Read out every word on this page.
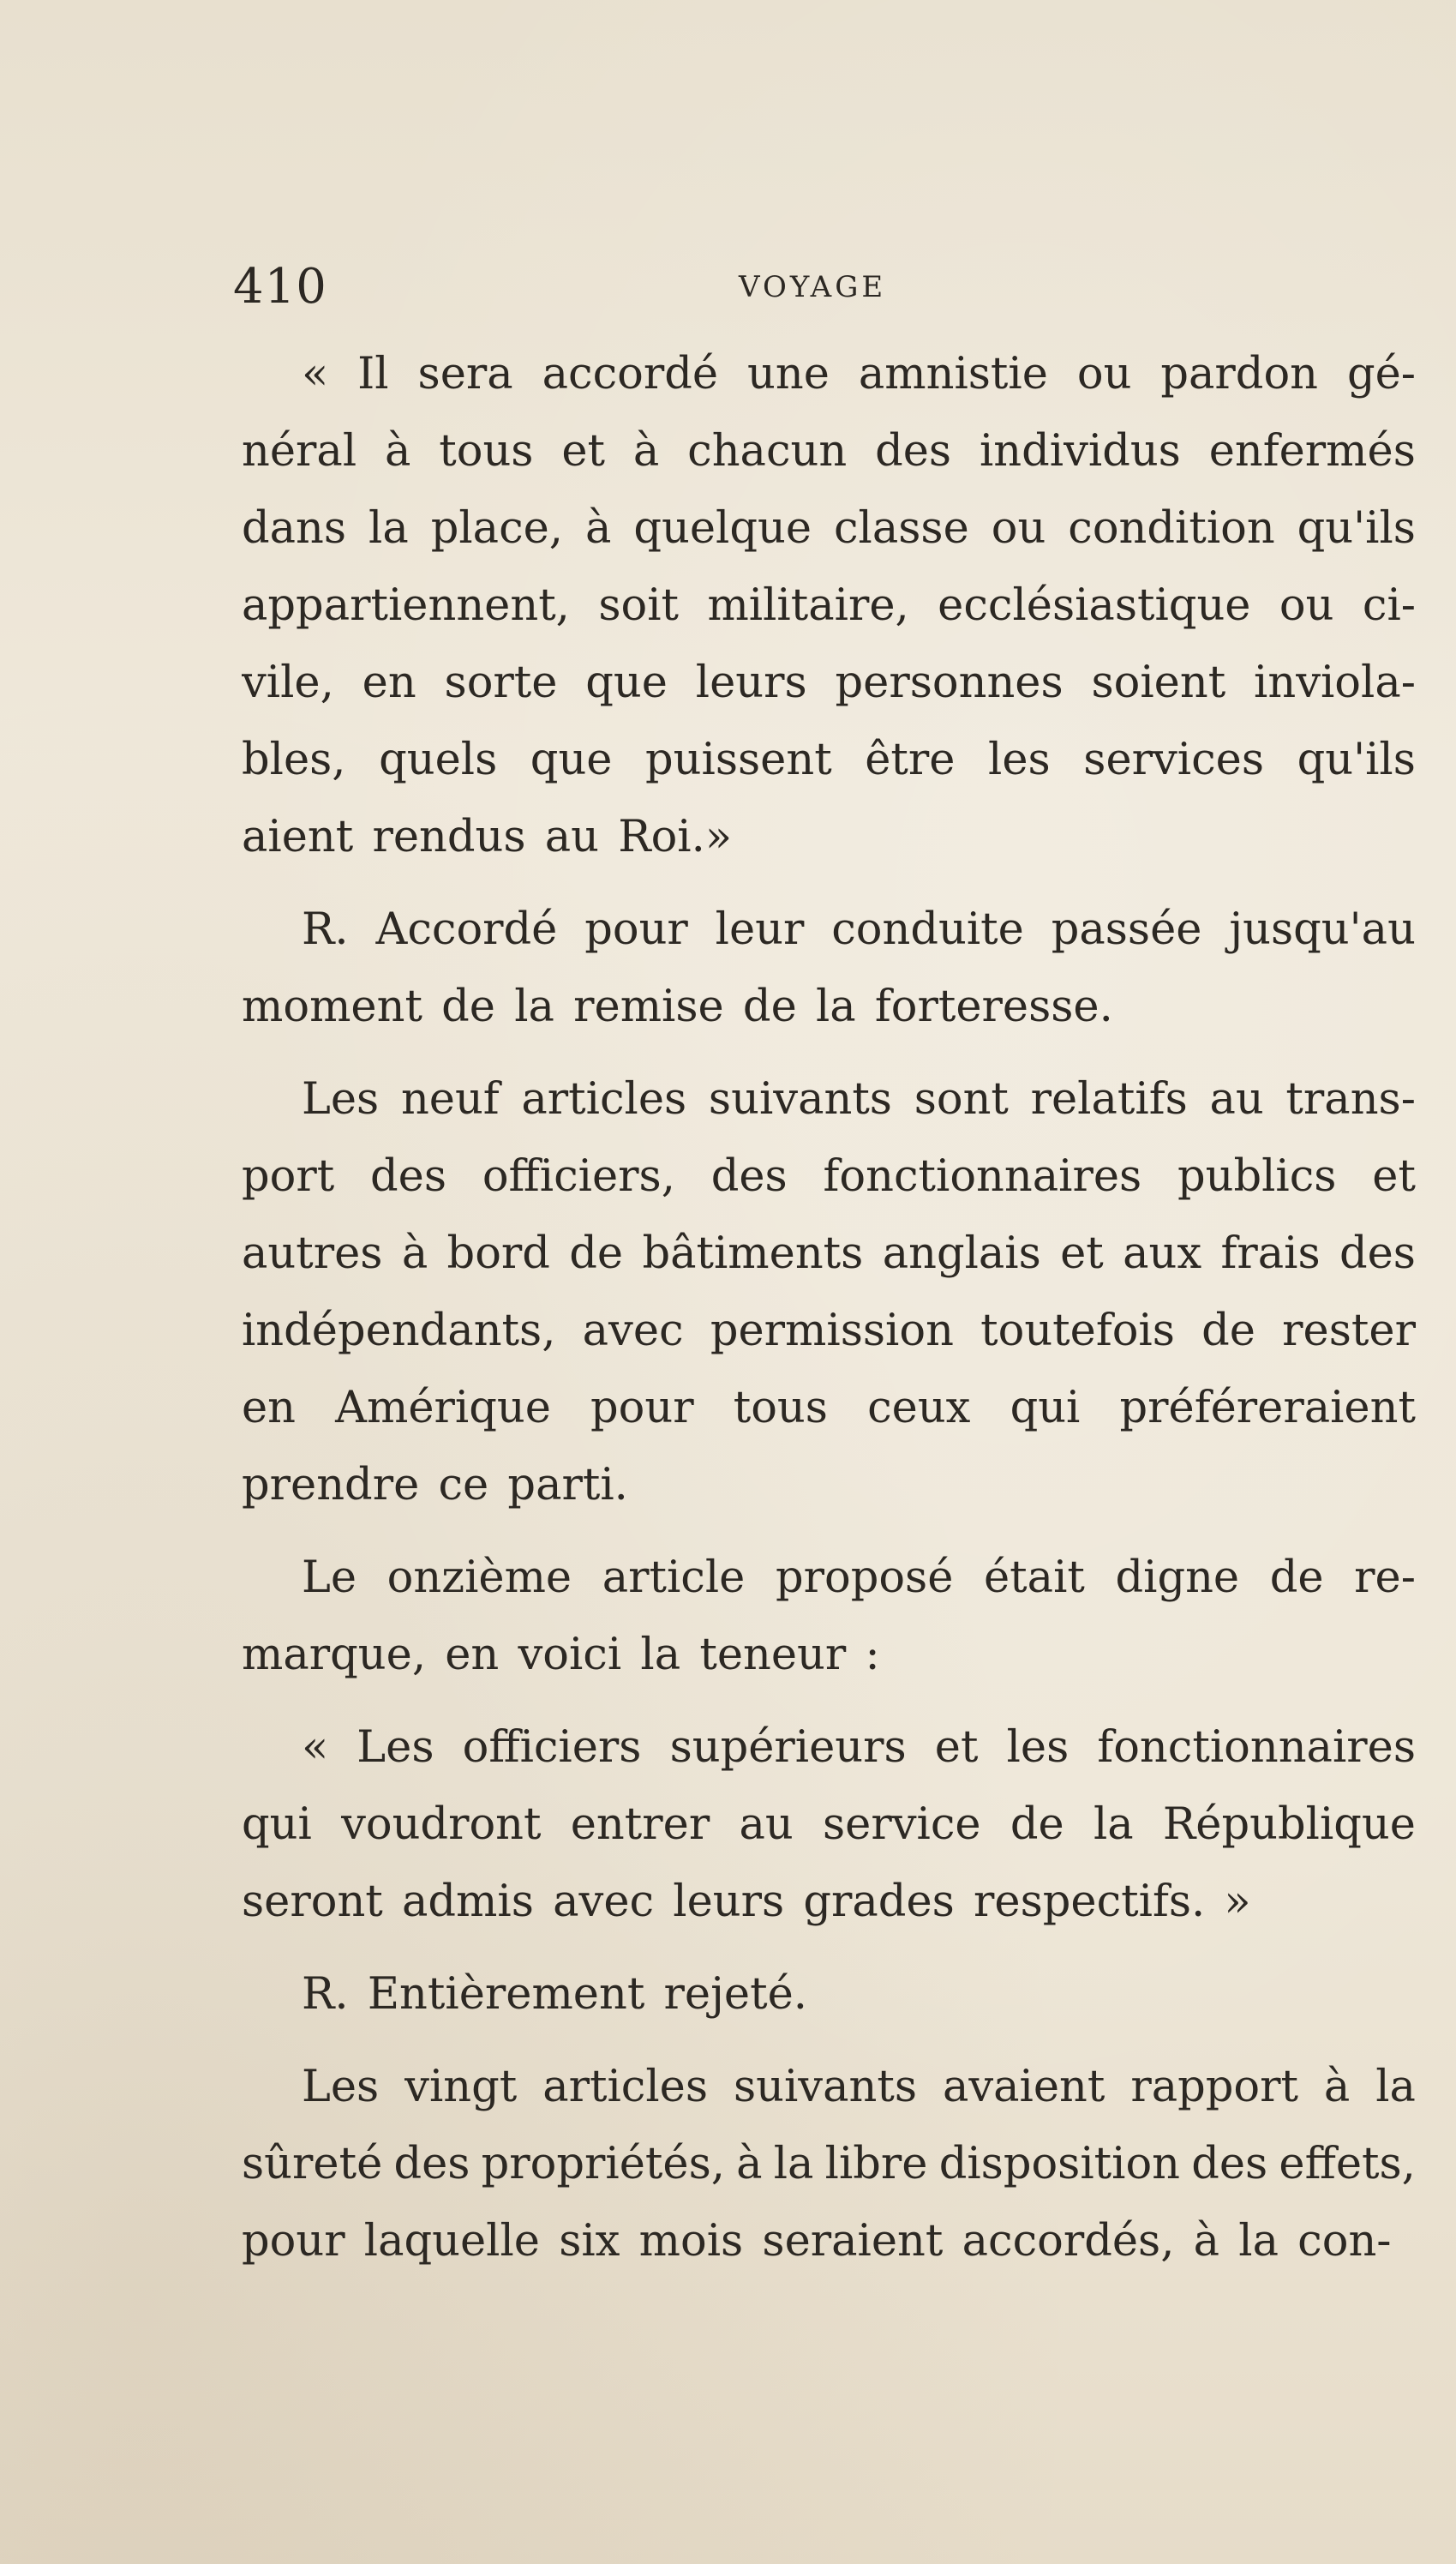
410	VOYAGE
« Il sera accordé une amnistie ou pardon gé-
néral à tous et à chacun des individus enfermés
dans la place, à quelque classe ou condition qu'ils
appartiennent, soit militaire, ecclésiastique ou ci-
vile, en sorte que leurs personnes soient inviola-
bles, quels que puissent être les services qu'ils
aient rendus au Roi.»
R. Accordé pour leur conduite passée jusqu'au
moment de la remise de la forteresse.
Les neuf articles suivants sont relatifs au trans-
port des officiers, des fonctionnaires publics et
autres à bord de bâtiments anglais et aux frais des
indépendants, avec permission toutefois de rester
en Amérique pour tous ceux qui préféreraient
prendre ce parti.
Le onzième article proposé était digne de re-
marque, en voici la teneur :
« Les officiers supérieurs et les fonctionnaires
qui voudront entrer au service de la République
seront admis avec leurs grades respectifs. »
R. Entièrement rejeté.
Les vingt articles suivants avaient rapport à la
sûreté des propriétés, à la libre disposition des effets,
pour laquelle six mois seraient accordés, à la con-
